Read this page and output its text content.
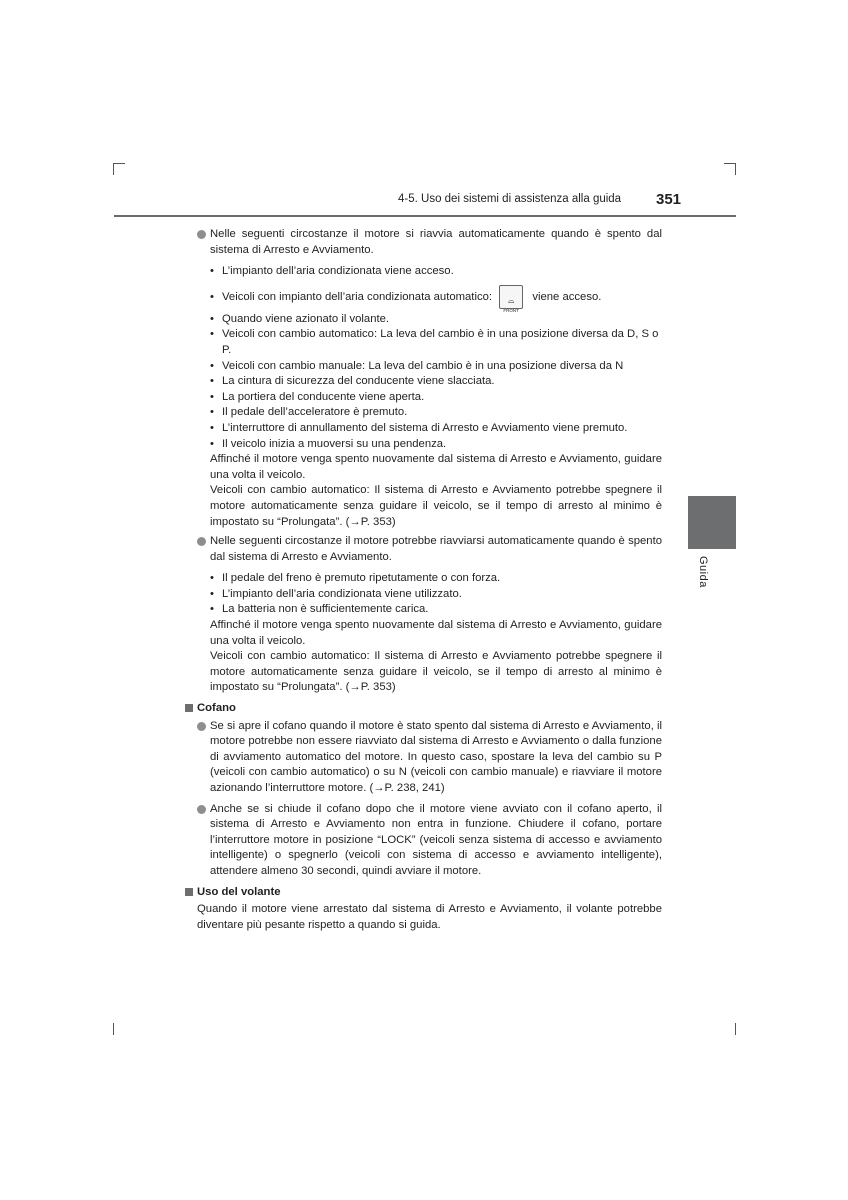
4-5. Uso dei sistemi di assistenza alla guida 351
4
Guida
Nelle seguenti circostanze il motore si riavvia automaticamente quando è spento dal sistema di Arresto e Avviamento.
• L’impianto dell’aria condizionata viene acceso.
• Veicoli con impianto dell’aria condizionata automatico:	⌓
FRONT
viene acceso.
• Quando viene azionato il volante.
• Veicoli con cambio automatico: La leva del cambio è in una posizione diversa da D, S o P.
• Veicoli con cambio manuale: La leva del cambio è in una posizione diversa da N
• La cintura di sicurezza del conducente viene slacciata.
• La portiera del conducente viene aperta.
• Il pedale dell’acceleratore è premuto.
• L’interruttore di annullamento del sistema di Arresto e Avviamento viene premuto.
• Il veicolo inizia a muoversi su una pendenza.
Affinché il motore venga spento nuovamente dal sistema di Arresto e Avviamento, guidare una volta il veicolo.
Veicoli con cambio automatico: Il sistema di Arresto e Avviamento potrebbe spegnere il motore automaticamente senza guidare il veicolo, se il tempo di arresto al minimo è impostato su “Prolungata”. (→P. 353)
Nelle seguenti circostanze il motore potrebbe riavviarsi automaticamente quando è spento dal sistema di Arresto e Avviamento.
• Il pedale del freno è premuto ripetutamente o con forza.
• L’impianto dell’aria condizionata viene utilizzato.
• La batteria non è sufficientemente carica.
Affinché il motore venga spento nuovamente dal sistema di Arresto e Avviamento, guidare una volta il veicolo.
Veicoli con cambio automatico: Il sistema di Arresto e Avviamento potrebbe spegnere il motore automaticamente senza guidare il veicolo, se il tempo di arresto al minimo è impostato su “Prolungata”. (→P. 353)
Cofano
Se si apre il cofano quando il motore è stato spento dal sistema di Arresto e Avviamento, il motore potrebbe non essere riavviato dal sistema di Arresto e Avviamento o dalla funzione di avviamento automatico del motore. In questo caso, spostare la leva del cambio su P (veicoli con cambio automatico) o su N (veicoli con cambio manuale) e riavviare il motore azionando l’interruttore motore. (→P. 238, 241)
Anche se si chiude il cofano dopo che il motore viene avviato con il cofano aperto, il sistema di Arresto e Avviamento non entra in funzione. Chiudere il cofano, portare l’interruttore motore in posizione “LOCK” (veicoli senza sistema di accesso e avviamento intelligente) o spegnerlo (veicoli con sistema di accesso e avviamento intelligente), attendere almeno 30 secondi, quindi avviare il motore.
Uso del volante
Quando il motore viene arrestato dal sistema di Arresto e Avviamento, il volante potrebbe diventare più pesante rispetto a quando si guida.
